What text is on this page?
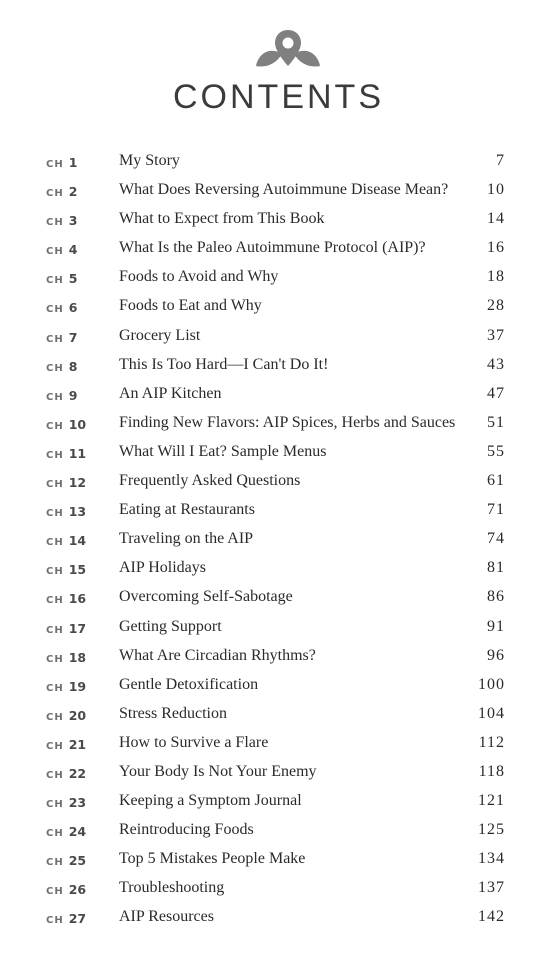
CONTENTS
CH 1	My Story	7
CH 2	What Does Reversing Autoimmune Disease Mean? 10
CH 3	What to Expect from This Book	14
CH 4	What Is the Paleo Autoimmune Protocol (AIP)?	16
CH 5	Foods to Avoid and Why	18
CH 6	Foods to Eat and Why	28
CH 7	Grocery List	37
CH 8	This Is Too Hard—I Can't Do It!	43
CH 9	An AIP Kitchen	47
CH 10 Finding New Flavors: AIP Spices, Herbs and Sauces 51
CH 11 What Will I Eat? Sample Menus	55
CH 12 Frequently Asked Questions	61
CH 13 Eating at Restaurants	71
CH 14 Traveling on the AIP	74
CH 15 AIP Holidays	81
CH 16 Overcoming Self-Sabotage	86
CH 17 Getting Support	91
CH 18 What Are Circadian Rhythms?	96
CH 19 Gentle Detoxification	100
CH 20 Stress Reduction	104
CH 21 How to Survive a Flare	112
CH 22 Your Body Is Not Your Enemy	118
CH 23 Keeping a Symptom Journal	121
CH 24 Reintroducing Foods	125
CH 25 Top 5 Mistakes People Make	134
CH 26 Troubleshooting	137
CH 27 AIP Resources	142
